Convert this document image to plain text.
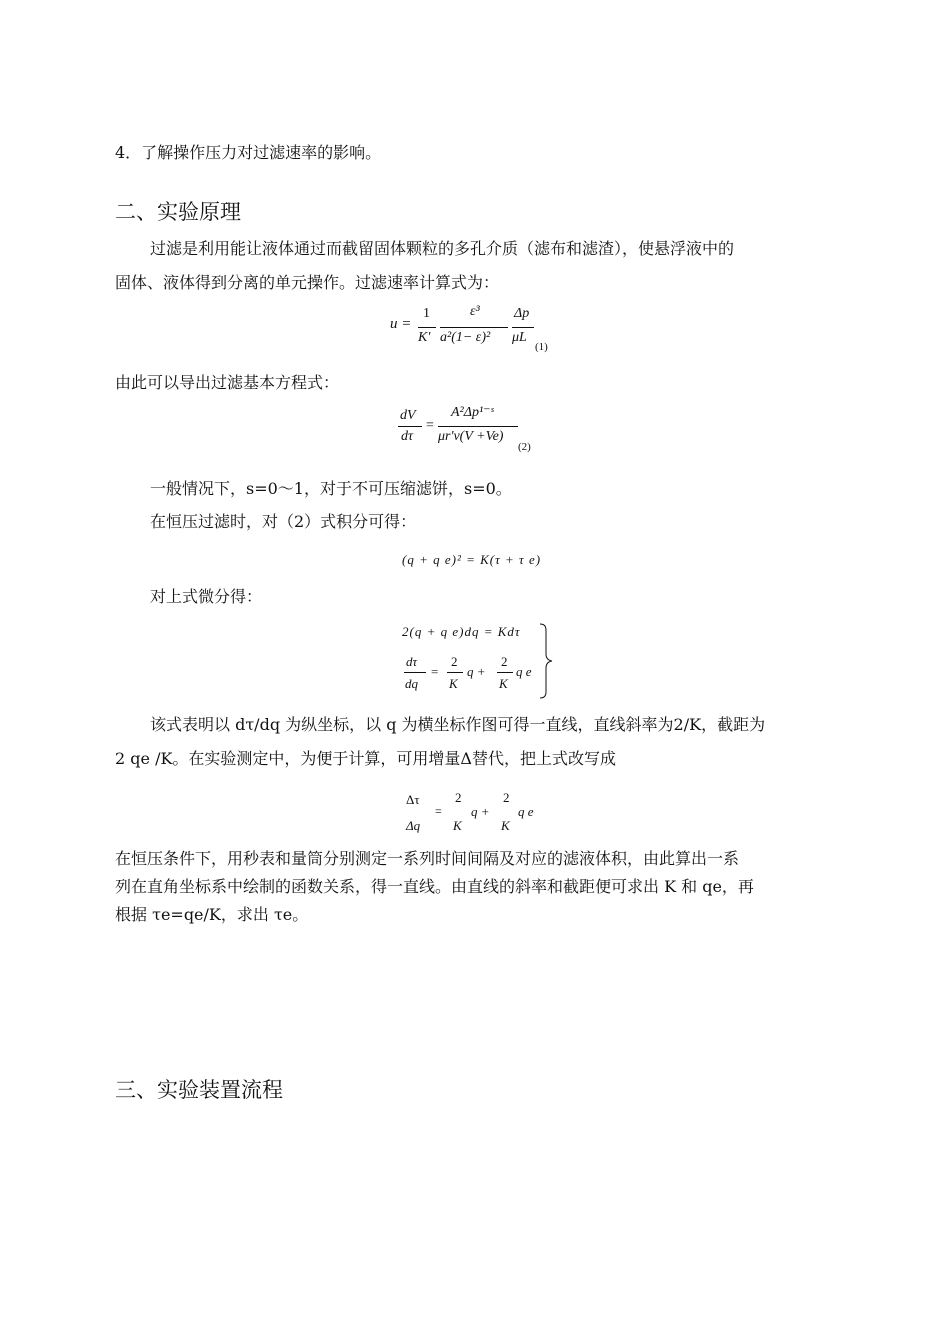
4．了解操作压力对过滤速率的影响。
二、实验原理
过滤是利用能让液体通过而截留固体颗粒的多孔介质（滤布和滤渣），使悬浮液中的
固体、液体得到分离的单元操作。过滤速率计算式为：
u =
1
K'
ε³
a²(1− ε)²
Δp
μL
(1)
由此可以导出过滤基本方程式：
dV
dτ
=
A²Δp¹⁻ˢ
μr'v(V +Ve)
(2)
一般情况下，s=0～1，对于不可压缩滤饼，s=0。
在恒压过滤时，对（2）式积分可得：
(q + q e)² = K(τ + τ e)
对上式微分得：
2(q + q e)dq = Kdτ
dτ
dq
=
2
K
q +
2
K
q e
该式表明以 dτ/dq 为纵坐标，以 q 为横坐标作图可得一直线，直线斜率为2/K，截距为
2 qe /K。在实验测定中，为便于计算，可用增量Δ替代，把上式改写成
Δτ
Δq
=
2
K
q +
2
K
q e
在恒压条件下，用秒表和量筒分别测定一系列时间间隔及对应的滤液体积，由此算出一系
列在直角坐标系中绘制的函数关系，得一直线。由直线的斜率和截距便可求出 K 和 qe，再
根据 τe=qe/K，求出 τe。
三、实验装置流程
